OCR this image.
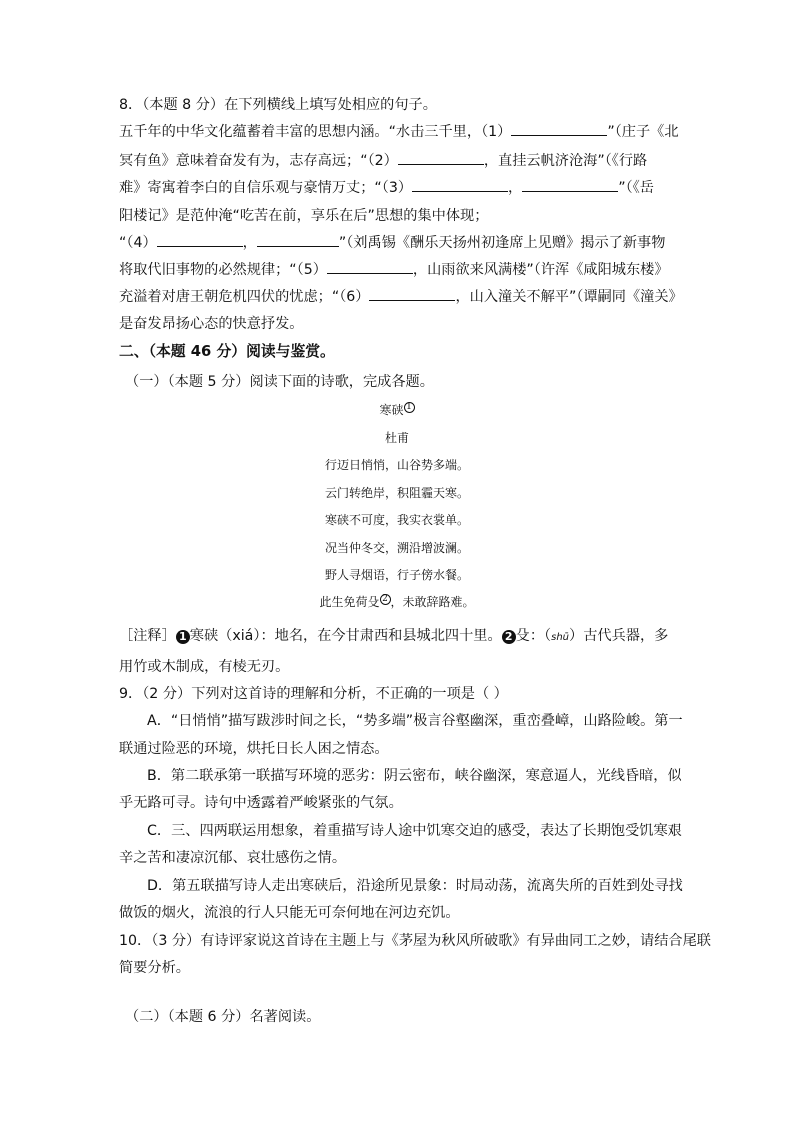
8．（本题 8 分）在下列横线上填写处相应的句子。
五千年的中华文化蕴蓄着丰富的思想内涵。“水击三千里，（1）	”（庄子《北
冥有鱼》意味着奋发有为，志存高远；“（2）	，直挂云帆济沧海”（《行路
难》寄寓着李白的自信乐观与豪情万丈；“（3）	，	”（《岳
阳楼记》是范仲淹“吃苦在前，享乐在后”思想的集中体现；
“（4）	，	”（刘禹锡《酬乐天扬州初逢席上见赠》揭示了新事物
将取代旧事物的必然规律；“（5）	，山雨欲来风满楼”（许浑《咸阳城东楼》
充溢着对唐王朝危机四伏的忧虑；“（6）	，山入潼关不解平”（谭嗣同《潼关》
是奋发昂扬心态的快意抒发。
二、（本题 46 分）阅读与鉴赏。
（一）（本题 5 分）阅读下面的诗歌，完成各题。
寒硖 1
杜甫
行迈日悄悄，山谷势多端。
云门转绝岸，积阻霾天寒。
寒硖不可度，我实衣裳单。
况当仲冬交，溯沿增波澜。
野人寻烟语，行子傍水餐。
此生免荷殳 2 ，未敢辞路难。
［注释］ 1 寒硖（xiá）：地名，在今甘肃西和县城北四十里。 2 殳：（shū）古代兵器，多
用竹或木制成，有棱无刃。
9．（2 分）下列对这首诗的理解和分析，不正确的一项是（ ）
A．“日悄悄”描写跋涉时间之长，“势多端”极言谷壑幽深，重峦叠嶂，山路险峻。第一
联通过险恶的环境，烘托日长人困之情态。
B．第二联承第一联描写环境的恶劣：阴云密布，峡谷幽深，寒意逼人，光线昏暗，似
乎无路可寻。诗句中透露着严峻紧张的气氛。
C．三、四两联运用想象，着重描写诗人途中饥寒交迫的感受，表达了长期饱受饥寒艰
辛之苦和凄凉沉郁、哀壮感伤之情。
D．第五联描写诗人走出寒硖后，沿途所见景象：时局动荡，流离失所的百姓到处寻找
做饭的烟火，流浪的行人只能无可奈何地在河边充饥。
10．（3 分）有诗评家说这首诗在主题上与《茅屋为秋风所破歌》有异曲同工之妙，请结合尾联
简要分析。
（二）（本题 6 分）名著阅读。
